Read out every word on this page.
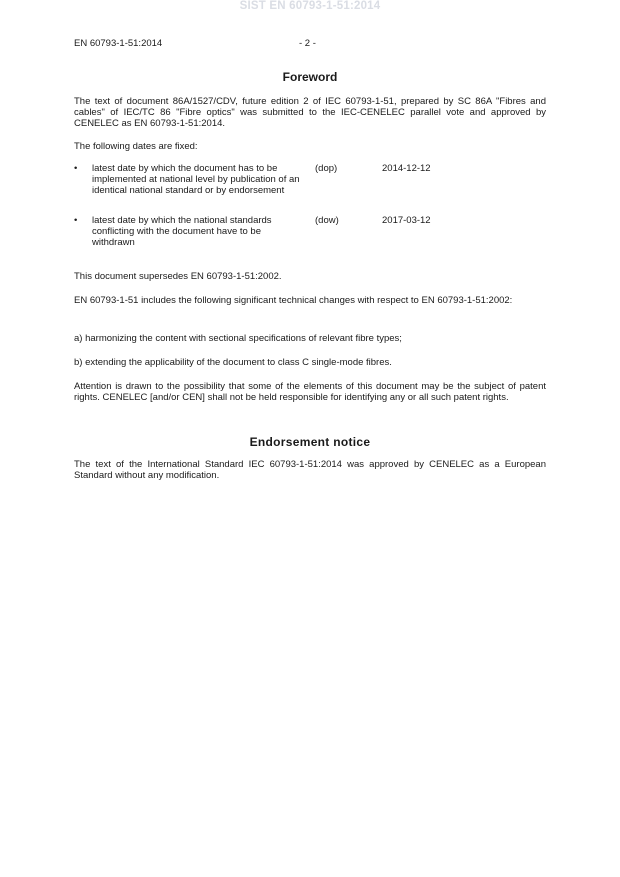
SIST EN 60793-1-51:2014
EN 60793-1-51:2014	- 2 -
Foreword

The text of document 86A/1527/CDV, future edition 2 of IEC 60793-1-51, prepared by SC 86A "Fibres and cables" of IEC/TC 86 "Fibre optics" was submitted to the IEC-CENELEC parallel vote and approved by CENELEC as EN 60793-1-51:2014.

The following dates are fixed:

• latest date by which the document has to be implemented at national level by publication of an identical national standard or by endorsement
(dop)	2014-12-12
• latest date by which the national standards conflicting with the document have to be withdrawn
(dow)	2017-03-12

This document supersedes EN 60793-1-51:2002.

EN 60793-1-51 includes the following significant technical changes with respect to EN 60793-1-51:2002:

a) harmonizing the content with sectional specifications of relevant fibre types;

b) extending the applicability of the document to class C single-mode fibres.

Attention is drawn to the possibility that some of the elements of this document may be the subject of patent rights. CENELEC [and/or CEN] shall not be held responsible for identifying any or all such patent rights.

Endorsement notice

The text of the International Standard IEC 60793-1-51:2014 was approved by CENELEC as a European Standard without any modification.
